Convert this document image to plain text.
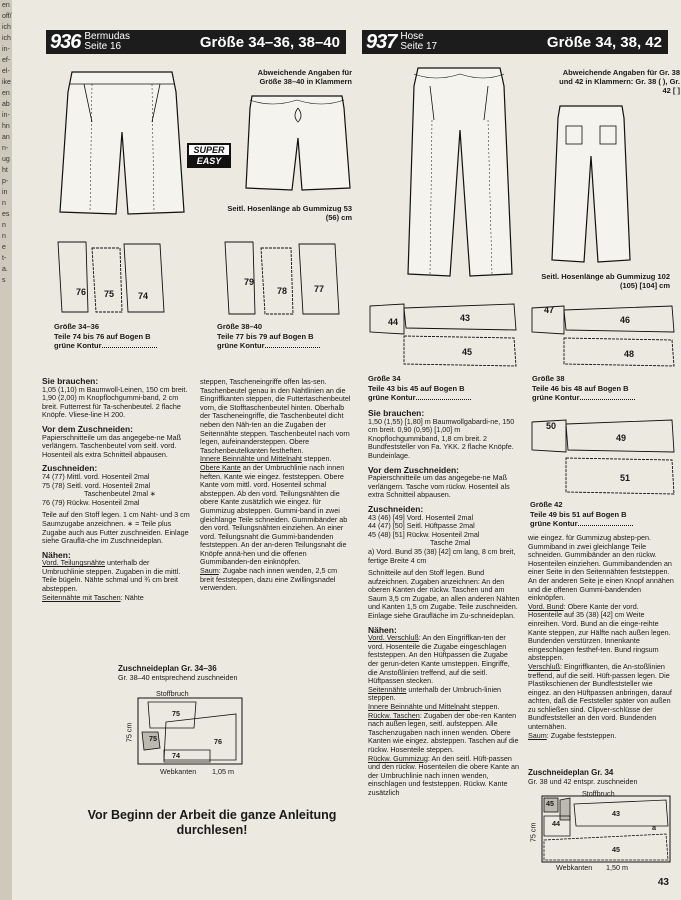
en
off/
ich
ich
in-
ef-
el-
ike
en
ab
in-
hn
an
n-
ug
ht
p-
in
n
es
n
n
e
t-
a.
s
936 Bermudas
Seite 16	Größe 34–36, 38–40	937 Hose
Seite 17	Größe 34, 38, 42
SUPER
EASY
Abweichende Angaben für Größe 38–40 in Klammern
Seitl. Hosenlänge ab Gummizug 53 (56) cm
76 75	74
79
78	77
Größe 34–36
Teile 74 bis 76 auf Bogen B
grüne Kontur
Größe 38–40
Teile 77 bis 79 auf Bogen B
grüne Kontur
Sie brauchen:
1,05 (1,10) m Baumwoll-Leinen, 150 cm breit. 1,90 (2,00) m Knopflochgummi-band, 2 cm breit. Futterrest für Ta-schenbeutel. 2 flache Knöpfe. Vliese-line H 200.
Vor dem Zuschneiden:
Papierschnitteile um das angegebe-ne Maß verlängern. Taschenbeutel vom seitl. vord. Hosenteil als extra Schnitteil abpausen.
Zuschneiden:
74 (77) Mittl. vord. Hosenteil 2mal
75 (78) Seitl. vord. Hosenteil 2mal
Taschenbeutel 2mal ∗
76 (79) Rückw. Hosenteil 2mal

Teile auf den Stoff legen. 1 cm Naht- und 3 cm Saumzugabe anzeichnen. ∗ = Teile plus Zugabe auch aus Futter zuschneiden. Einlage siehe Grauflä-che im Zuschneideplan.
Nähen:
Vord. Teilungsnähte unterhalb der Umbruchlinie steppen. Zugaben in die mittl. Teile bügeln. Nähte schmal und ¾ cm breit absteppen.
Seitennähte mit Taschen: Nähte
steppen, Tascheneingriffe offen las-sen. Taschenbeutel genau in den Nahtlinien an die Eingriffkanten steppen, die Futtertaschenbeutel vorn, die Stofftaschenbeutel hinten. Oberhalb der Tascheneingriffe, die Taschenbeutel dicht neben den Näh-ten an die Zugaben der Seitennähte steppen. Taschenbeutel nach vorn legen, aufeinandersteppen. Obere Taschenbeutelkanten festheften.
Innere Beinnähte und Mittelnaht steppen.
Obere Kante an der Umbruchlinie nach innen heften. Kante wie eingez. feststeppen. Obere Kante vom mittl. vord. Hosenteil schmal absteppen. Ab den vord. Teilungsnähten die obere Kante zusätzlich wie eingez. für Gummizug absteppen. Gummi-band in zwei gleichlange Teile schneiden. Gummibänder ab den vord. Teilungsnähten einziehen. An einer vord. Teilungsnaht die Gummi-bandenden feststeppen. An der an-deren Teilungsnaht die Knöpfe annä-hen und die offenen Gummibanden-den einknöpfen.
Saum: Zugabe nach innen wenden, 2,5 cm breit feststeppen, dazu eine Zwillingsnadel verwenden.
Zuschneideplan Gr. 34–36
Gr. 38–40 entsprechend zuschneiden
Stoffbruch
75
75	76
74
75 cm
Webkanten 1,05 m
Vor Beginn der Arbeit die ganze Anleitung durchlesen!
Abweichende Angaben für Gr. 38 und 42 in Klammern: Gr. 38 ( ), Gr. 42 [ ]
Seitl. Hosenlänge ab Gummizug 102 (105) [104] cm
44	43
45
Größe 34
Teile 43 bis 45 auf Bogen B
grüne Kontur
47
46
48
Größe 38
Teile 46 bis 48 auf Bogen B
grüne Kontur
50
49
51
Größe 42
Teile 49 bis 51 auf Bogen B
grüne Kontur
Sie brauchen:
1,50 (1,55) [1,80] m Baumwollgabardi-ne, 150 cm breit. 0,90 (0,95) [1,00] m Knopflochgummiband, 1,8 cm breit. 2 Bundfeststeller von Fa. YKK. 2 flache Knöpfe. Bundeinlage.
Vor dem Zuschneiden:
Papierschnitteile um das angegebe-ne Maß verlängern. Tasche vom rückw. Hosenteil als extra Schnitteil abpausen.
Zuschneiden:
43 (46) [49] Vord. Hosenteil 2mal
44 (47) [50] Seitl. Hüftpasse 2mal
45 (48) [51] Rückw. Hosenteil 2mal
Tasche 2mal
a) Vord. Bund 35 (38) [42] cm lang, 8 cm breit, fertige Breite 4 cm

Schnitteile auf den Stoff legen. Bund aufzeichnen. Zugaben anzeichnen: An den oberen Kanten der rückw. Taschen und am Saum 3,5 cm Zugabe, an allen anderen Nähten und Kanten 1,5 cm Zugabe. Teile zuschneiden. Einlage siehe Graufläche im Zu-schneideplan.
Nähen:
Vord. Verschluß: An den Eingriffkan-ten der vord. Hosenteile die Zugabe eingeschlagen feststeppen. An den Hüftpassen die Zugabe der gerun-deten Kante umsteppen. Eingriffe, die Anstoßlinien treffend, auf die seitl. Hüftpassen stecken.
Seitennähte unterhalb der Umbruch-linien steppen.
Innere Beinnähte und Mittelnaht steppen.
Rückw. Taschen: Zugaben der obe-ren Kanten nach außen legen, seitl. aufsteppen. Alle Taschenzugaben nach innen wenden. Obere Kanten wie eingez. absteppen. Taschen auf die rückw. Hosenteile steppen.
Rückw. Gummizug: An den seitl. Hüft-passen und den rückw. Hosenteilen die obere Kante an der Umbruchlinie nach innen wenden, einschlagen und feststeppen. Rückw. Kante zusätzlich
wie eingez. für Gummizug abstep-pen. Gummiband in zwei gleichlange Teile schneiden. Gummibänder an den rückw. Hosenteilen einziehen. Gummibandenden an einer Seite in den Seitennähten feststeppen. An der anderen Seite je einen Knopf annähen und die offenen Gummi-bandenden einknöpfen.
Vord. Bund: Obere Kante der vord. Hosenteile auf 35 (38) [42] cm Weite einreihen. Vord. Bund an die einge-reihte Kante steppen, zur Hälfte nach außen legen. Bundenden verstürzen. Innenkante eingeschlagen festhef-ten. Bund ringsum absteppen.
Verschluß: Eingriffkanten, die An-stoßlinien treffend, auf die seitl. Hüft-passen legen. Die Plastikschienen der Bundfeststeller wie eingez. an den Hüftpassen anbringen, darauf achten, daß die Feststeller später von außen zu schließen sind. Clipver-schlüsse der Bundfeststeller an den vord. Bundenden unternähen.
Saum: Zugabe feststeppen.
Zuschneideplan Gr. 34
Gr. 38 und 42 entspr. zuschneiden
Stoffbruch
45
44
43
45
a
75 cm
Webkanten 1,50 m
43
